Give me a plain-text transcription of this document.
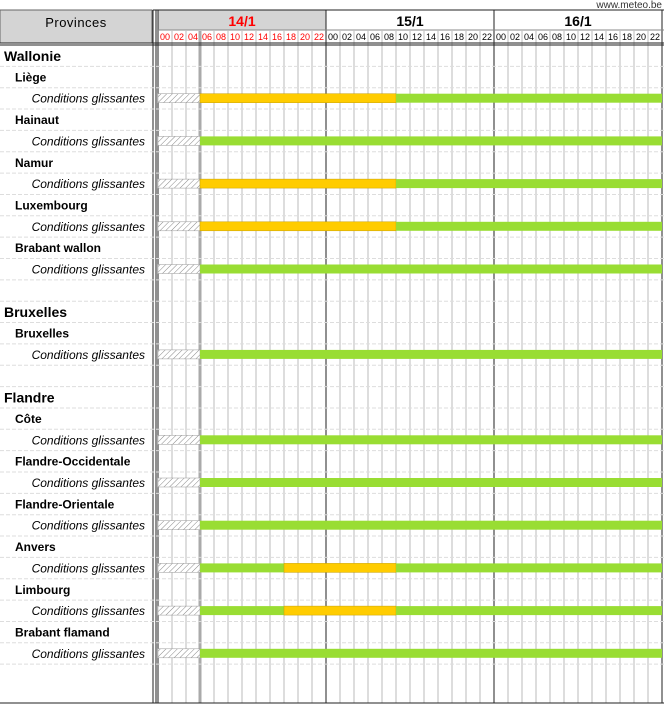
www.meteo.be
Provinces	14/1
00 02 04 06 08 10 12 14 16 18 20 22
15/1
00 02 04 06 08 10 12 14 16 18 20 22
16/1
00 02 04 06 08 10 12 14 16 18 20 22
Wallonie
Liège
Conditions glissantes
Hainaut
Conditions glissantes
Namur
Conditions glissantes
Luxembourg
Conditions glissantes
Brabant wallon
Conditions glissantes
Bruxelles
Bruxelles
Conditions glissantes
Flandre
Côte
Conditions glissantes
Flandre-Occidentale
Conditions glissantes
Flandre-Orientale
Conditions glissantes
Anvers
Conditions glissantes
Limbourg
Conditions glissantes
Brabant flamand
Conditions glissantes
